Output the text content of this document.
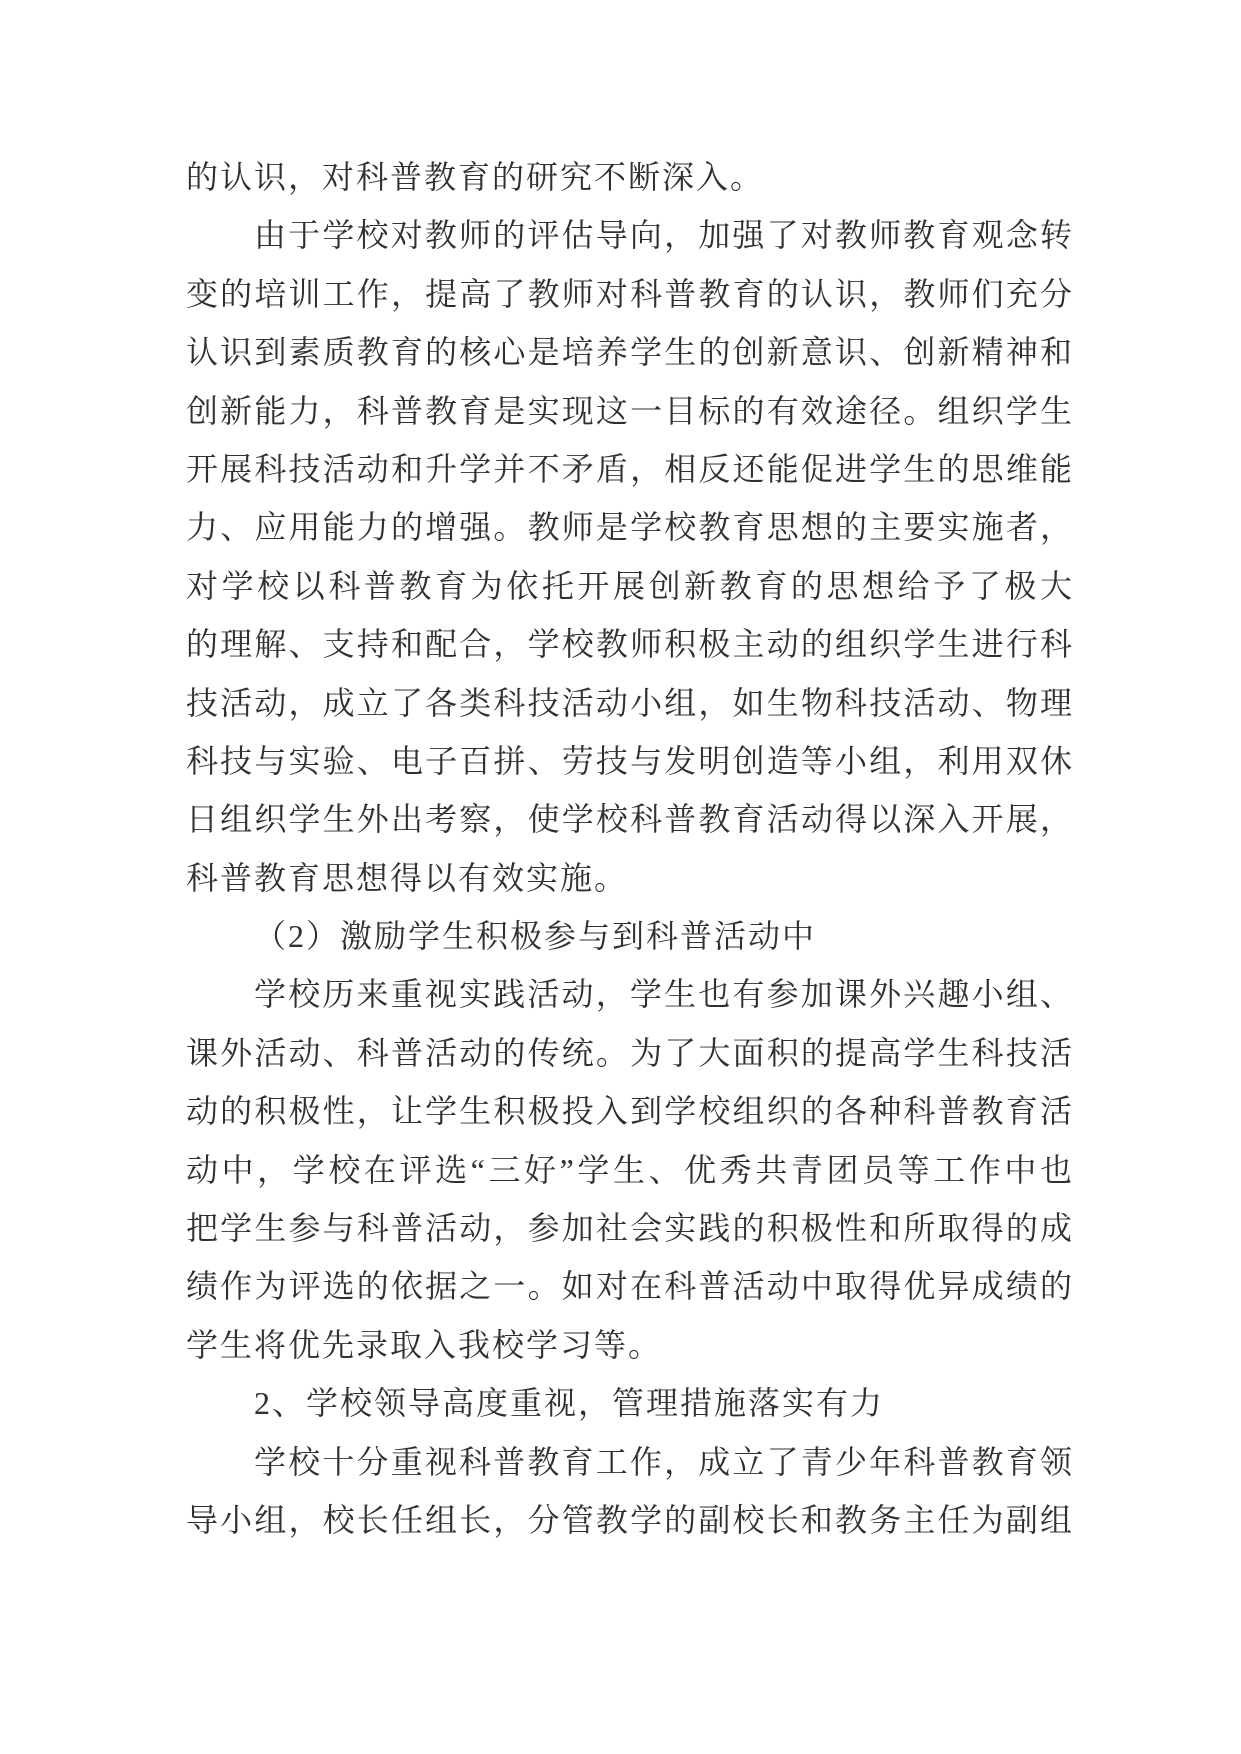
的认识，对科普教育的研究不断深入。
由于学校对教师的评估导向，加强了对教师教育观念转
变的培训工作，提高了教师对科普教育的认识，教师们充分
认识到素质教育的核心是培养学生的创新意识、创新精神和
创新能力，科普教育是实现这一目标的有效途径。组织学生
开展科技活动和升学并不矛盾，相反还能促进学生的思维能
力、应用能力的增强。教师是学校教育思想的主要实施者，
对学校以科普教育为依托开展创新教育的思想给予了极大
的理解、支持和配合，学校教师积极主动的组织学生进行科
技活动，成立了各类科技活动小组，如生物科技活动、物理
科技与实验、电子百拼、劳技与发明创造等小组，利用双休
日组织学生外出考察，使学校科普教育活动得以深入开展，
科普教育思想得以有效实施。
（2）激励学生积极参与到科普活动中
学校历来重视实践活动，学生也有参加课外兴趣小组、
课外活动、科普活动的传统。为了大面积的提高学生科技活
动的积极性，让学生积极投入到学校组织的各种科普教育活
动中，学校在评选“三好”学生、优秀共青团员等工作中也
把学生参与科普活动，参加社会实践的积极性和所取得的成
绩作为评选的依据之一。如对在科普活动中取得优异成绩的
学生将优先录取入我校学习等。
2、学校领导高度重视，管理措施落实有力
学校十分重视科普教育工作，成立了青少年科普教育领
导小组，校长任组长，分管教学的副校长和教务主任为副组
